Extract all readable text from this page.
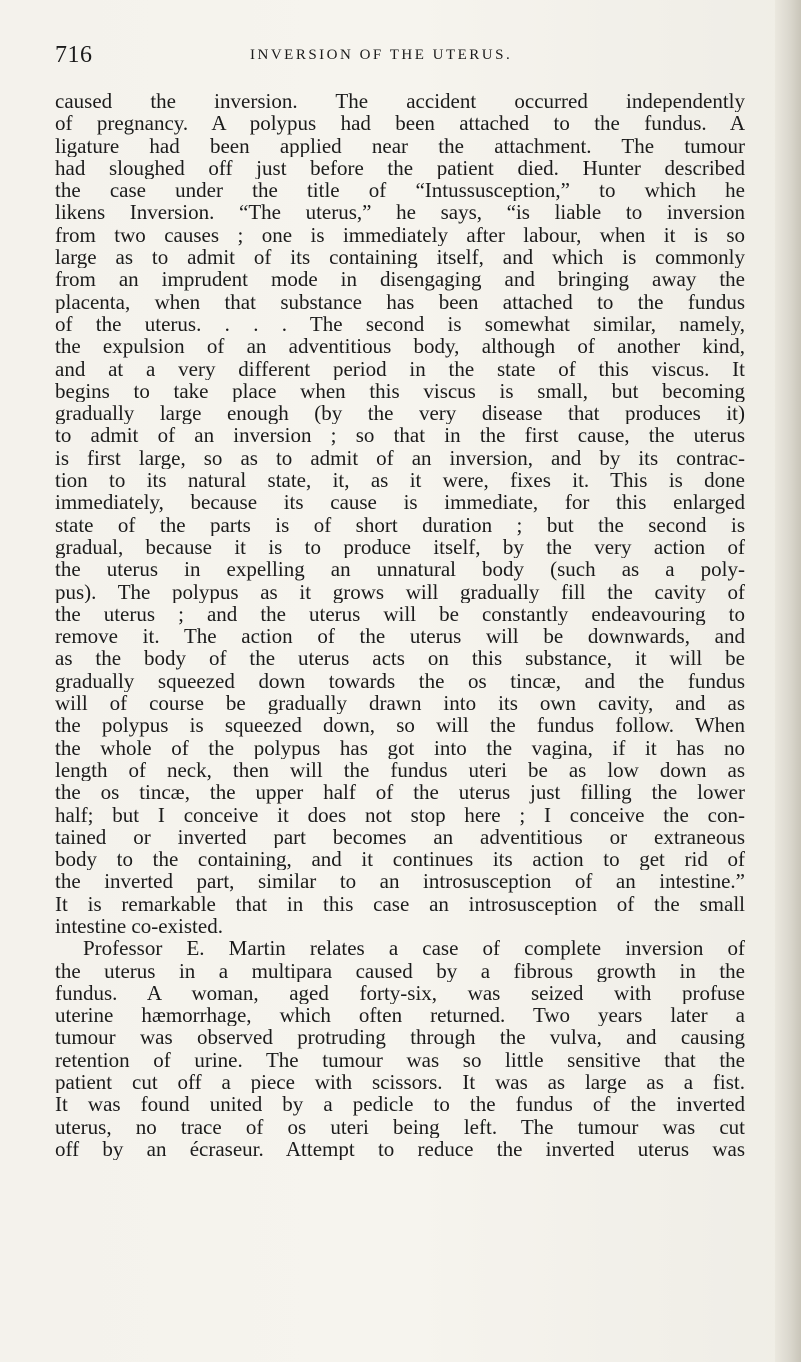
716	INVERSION OF THE UTERUS.
caused the inversion. The accident occurred independently
of pregnancy. A polypus had been attached to the fundus. A
ligature had been applied near the attachment. The tumour
had sloughed off just before the patient died. Hunter described
the case under the title of “Intussusception,” to which he
likens Inversion. “The uterus,” he says, “is liable to inversion
from two causes ; one is immediately after labour, when it is so
large as to admit of its containing itself, and which is commonly
from an imprudent mode in disengaging and bringing away the
placenta, when that substance has been attached to the fundus
of the uterus. . . . The second is somewhat similar, namely,
the expulsion of an adventitious body, although of another kind,
and at a very different period in the state of this viscus. It
begins to take place when this viscus is small, but becoming
gradually large enough (by the very disease that produces it)
to admit of an inversion ; so that in the first cause, the uterus
is first large, so as to admit of an inversion, and by its contrac-
tion to its natural state, it, as it were, fixes it. This is done
immediately, because its cause is immediate, for this enlarged
state of the parts is of short duration ; but the second is
gradual, because it is to produce itself, by the very action of
the uterus in expelling an unnatural body (such as a poly-
pus). The polypus as it grows will gradually fill the cavity of
the uterus ; and the uterus will be constantly endeavouring to
remove it. The action of the uterus will be downwards, and
as the body of the uterus acts on this substance, it will be
gradually squeezed down towards the os tincæ, and the fundus
will of course be gradually drawn into its own cavity, and as
the polypus is squeezed down, so will the fundus follow. When
the whole of the polypus has got into the vagina, if it has no
length of neck, then will the fundus uteri be as low down as
the os tincæ, the upper half of the uterus just filling the lower
half; but I conceive it does not stop here ; I conceive the con-
tained or inverted part becomes an adventitious or extraneous
body to the containing, and it continues its action to get rid of
the inverted part, similar to an introsusception of an intestine.”
It is remarkable that in this case an introsusception of the small
intestine co-existed.
Professor E. Martin relates a case of complete inversion of
the uterus in a multipara caused by a fibrous growth in the
fundus. A woman, aged forty-six, was seized with profuse
uterine hæmorrhage, which often returned. Two years later a
tumour was observed protruding through the vulva, and causing
retention of urine. The tumour was so little sensitive that the
patient cut off a piece with scissors. It was as large as a fist.
It was found united by a pedicle to the fundus of the inverted
uterus, no trace of os uteri being left. The tumour was cut
off by an écraseur. Attempt to reduce the inverted uterus was
